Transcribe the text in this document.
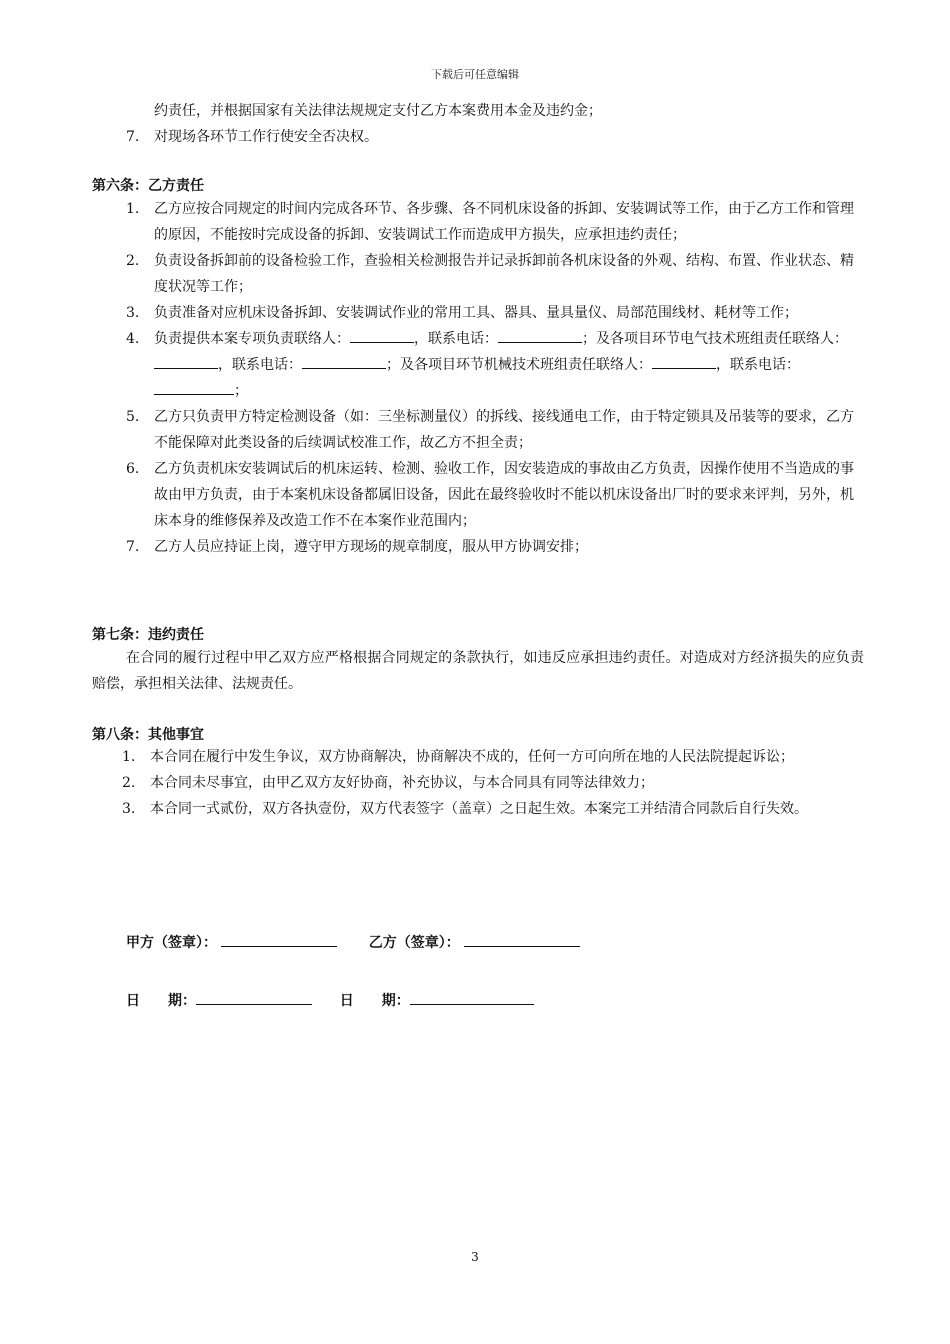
下载后可任意编辑
约责任，并根据国家有关法律法规规定支付乙方本案费用本金及违约金；
7.	对现场各环节工作行使安全否决权。
第六条：乙方责任
1.	乙方应按合同规定的时间内完成各环节、各步骤、各不同机床设备的拆卸、安装调试等工作，由于乙方工作和管理的原因，不能按时完成设备的拆卸、安装调试工作而造成甲方损失，应承担违约责任；
2.	负责设备拆卸前的设备检验工作，查验相关检测报告并记录拆卸前各机床设备的外观、结构、布置、作业状态、精度状况等工作；
3.	负责准备对应机床设备拆卸、安装调试作业的常用工具、器具、量具量仪、局部范围线材、耗材等工作；
4.	负责提供本案专项负责联络人：	，联系电话：	；及各项目环节电气技术班组责任联络人：，联系电话：	；及各项目环节机械技术班组责任联络人：	，联系电话：；
5.	乙方只负责甲方特定检测设备（如：三坐标测量仪）的拆线、接线通电工作，由于特定锁具及吊装等的要求，乙方不能保障对此类设备的后续调试校准工作，故乙方不担全责；
6.	乙方负责机床安装调试后的机床运转、检测、验收工作，因安装造成的事故由乙方负责，因操作使用不当造成的事故由甲方负责，由于本案机床设备都属旧设备，因此在最终验收时不能以机床设备出厂时的要求来评判，另外，机床本身的维修保养及改造工作不在本案作业范围内；
7.	乙方人员应持证上岗，遵守甲方现场的规章制度，服从甲方协调安排；
第七条：违约责任
在合同的履行过程中甲乙双方应严格根据合同规定的条款执行，如违反应承担违约责任。对造成对方经济损失的应负责赔偿，承担相关法律、法规责任。
第八条：其他事宜
1. 本合同在履行中发生争议，双方协商解决，协商解决不成的，任何一方可向所在地的人民法院提起诉讼；
2. 本合同未尽事宜，由甲乙双方友好协商，补充协议，与本合同具有同等法律效力；
3. 本合同一式贰份，双方各执壹份，双方代表签字（盖章）之日起生效。本案完工并结清合同款后自行失效。
甲方（签章）：	乙方（签章）：
日　　期：	日　　期：
3
